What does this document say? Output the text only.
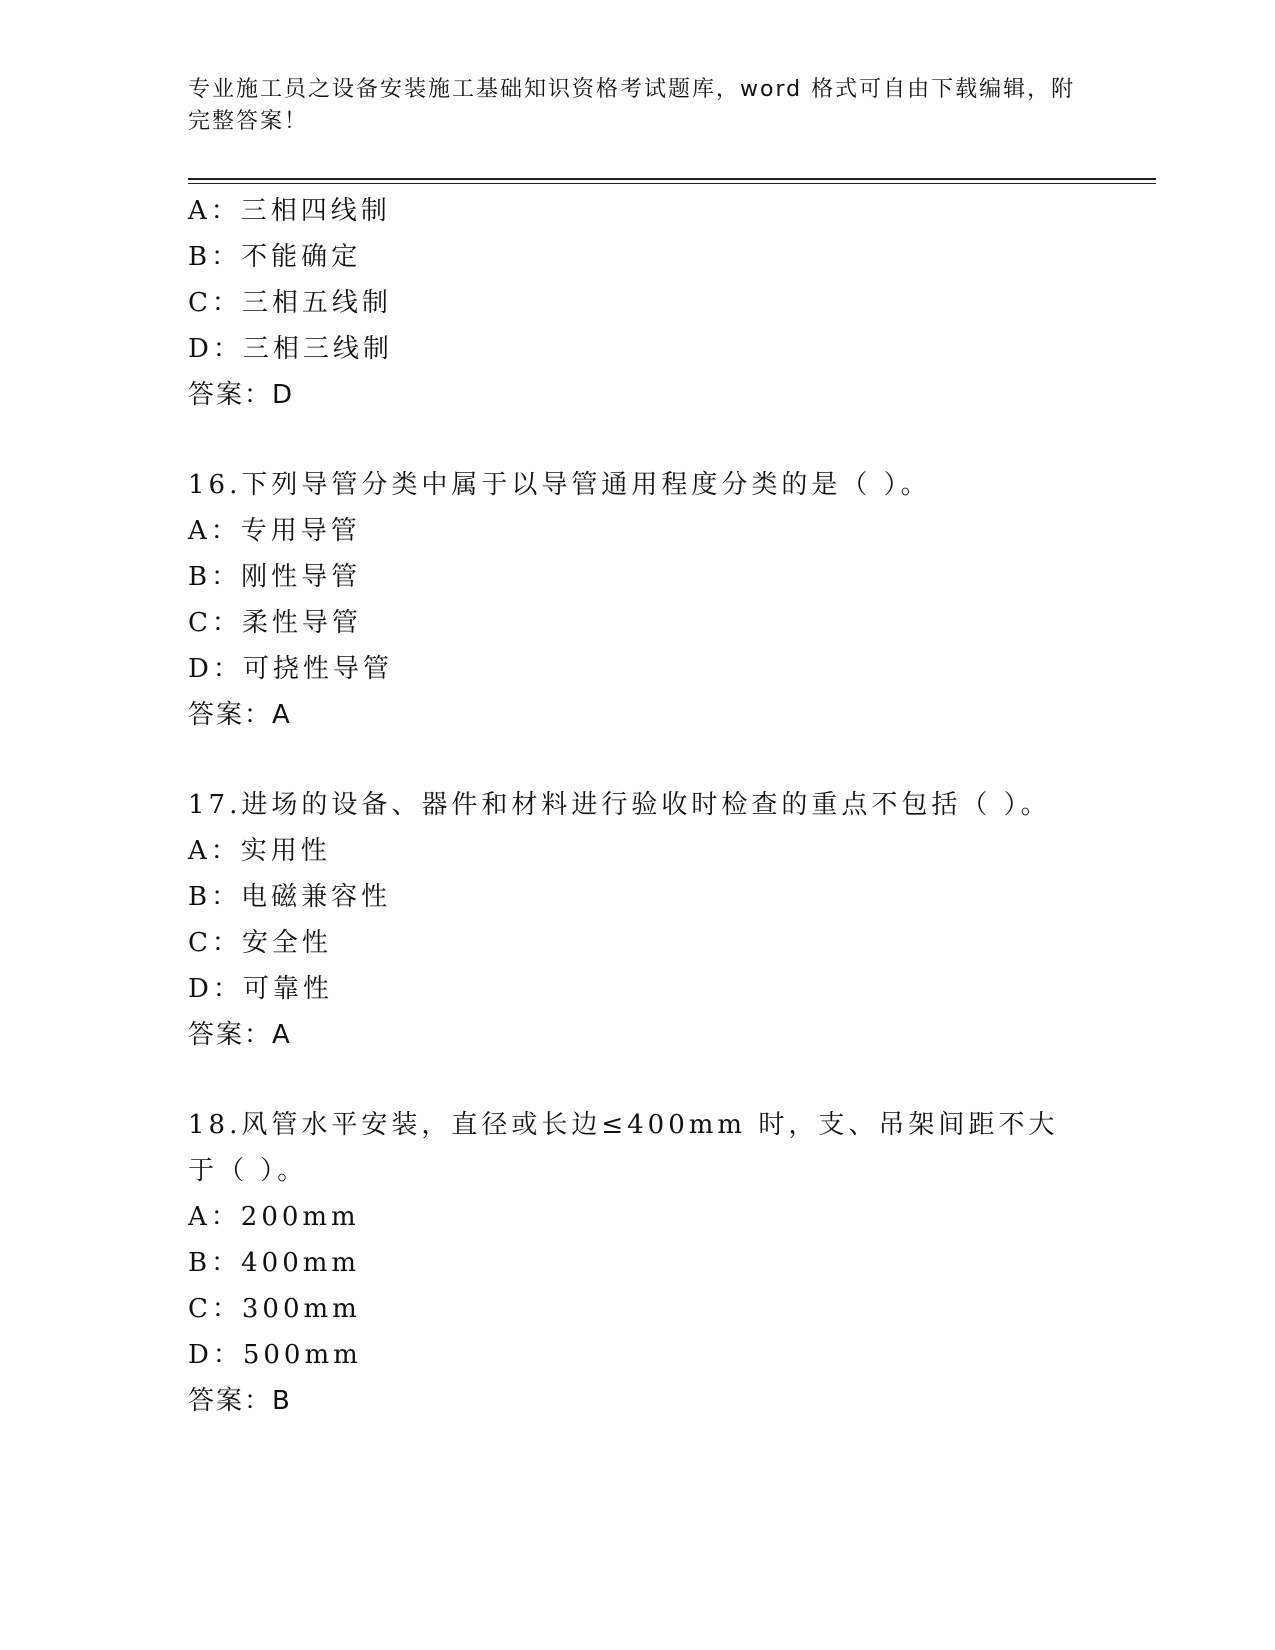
专业施工员之设备安装施工基础知识资格考试题库，word 格式可自由下载编辑，附完整答案！
A：三相四线制
B：不能确定
C：三相五线制
D：三相三线制
答案：D
16.下列导管分类中属于以导管通用程度分类的是（ ）。
A：专用导管
B：刚性导管
C：柔性导管
D：可挠性导管
答案：A
17.进场的设备、器件和材料进行验收时检查的重点不包括（ ）。
A：实用性
B：电磁兼容性
C：安全性
D：可靠性
答案：A
18.风管水平安装，直径或长边≤400mm 时，支、吊架间距不大于（ ）。
A：200mm
B：400mm
C：300mm
D：500mm
答案：B
